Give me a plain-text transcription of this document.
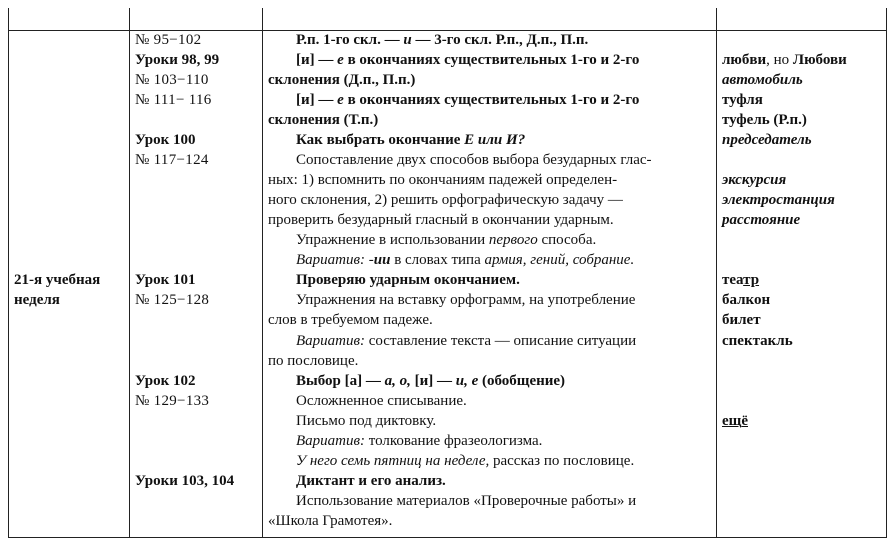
21-я учебная
неделя
№ 95−102
Уроки 98, 99
№ 103−110
№ 111− 116
Урок 100
№ 117−124
Урок 101
№ 125−128
Урок 102
№ 129−133
Уроки 103, 104
Р.п. 1-го скл. — и — 3-го скл. Р.п., Д.п., П.п.
[и] — е в окончаниях существительных 1-го и 2-го
склонения (Д.п., П.п.)
[и] — е в окончаниях существительных 1-го и 2-го
склонения (Т.п.)
Как выбрать окончание Е или И?
Сопоставление двух способов выбора безударных глас-
ных: 1) вспомнить по окончаниям падежей определен-
ного склонения, 2) решить орфографическую задачу —
проверить безударный гласный в окончании ударным.
Упражнение в использовании первого способа.
Вариатив: -ии в словах типа армия, гений, собрание.
Проверяю ударным окончанием.
Упражнения на вставку орфограмм, на употребление
слов в требуемом падеже.
Вариатив: составление текста — описание ситуации
по пословице.
Выбор [а] — а, о, [и] — и, е (обобщение)
Осложненное списывание.
Письмо под диктовку.
Вариатив: толкование фразеологизма.
У него семь пятниц на неделе, рассказ по пословице.
Диктант и его анализ.
Использование материалов «Проверочные работы» и
«Школа Грамотея».
любви, но Любови
автомобиль
туфля
туфель (Р.п.)
председатель
экскурсия
электростанция
расстояние
театр
балкон
билет
спектакль
ещё
